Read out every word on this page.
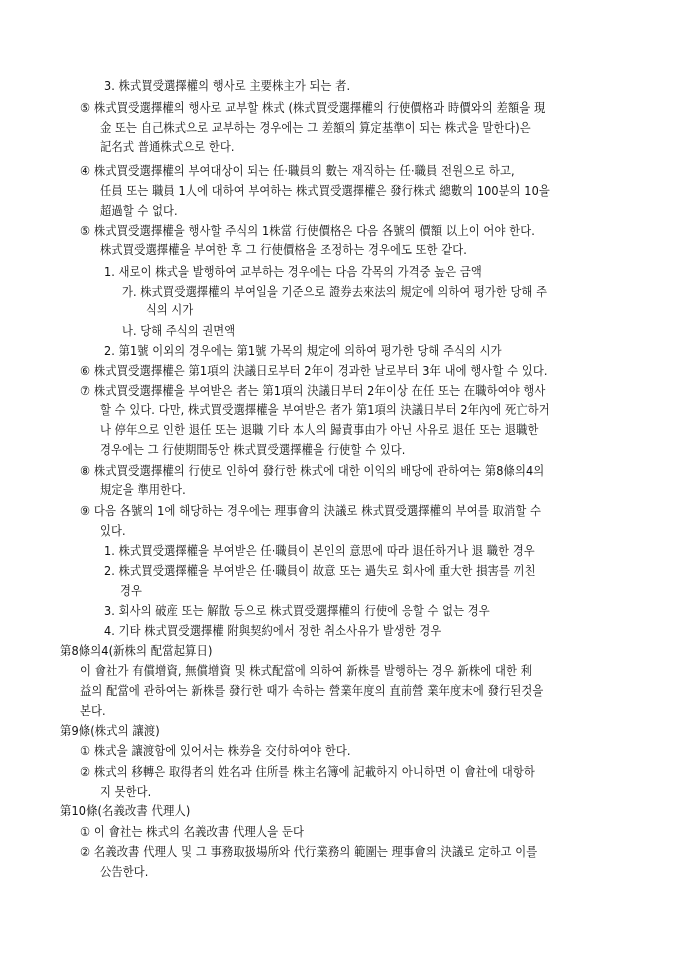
3. 株式買受選擇權의 행사로 主要株主가 되는 者.
⑤ 株式買受選擇權의 행사로 교부할 株式 (株式買受選擇權의 行使價格과 時價와의 差額을 現
金 또는 自己株式으로 교부하는 경우에는 그 差額의 算定基準이 되는 株式을 말한다)은
記名式 普通株式으로 한다.
④ 株式買受選擇權의 부여대상이 되는 任·職員의 數는 재직하는 任·職員 전원으로 하고,
任員 또는 職員 1人에 대하여 부여하는 株式買受選擇權은 發行株式 總數의 100분의 10을
超過할 수 없다.
⑤ 株式買受選擇權을 행사할 주식의 1株當 行使價格은 다음 各號의 價額 以上이 어야 한다.
株式買受選擇權을 부여한 후 그 行使價格을 조정하는 경우에도 또한 같다.
1. 새로이 株式을 발행하여 교부하는 경우에는 다음 각목의 가격중 높은 금액
가. 株式買受選擇權의 부여일을 기준으로 證券去來法의 規定에 의하여 평가한 당해 주
식의 시가
나. 당해 주식의 권면액
2. 第1號 이외의 경우에는 第1號 가목의 規定에 의하여 평가한 당해 주식의 시가
⑥ 株式買受選擇權은 第1項의 決議日로부터 2年이 경과한 날로부터 3年 내에 행사할 수 있다.
⑦ 株式買受選擇權을 부여받은 者는 第1項의 決議日부터 2年이상 在任 또는 在職하여야 행사
할 수 있다. 다만, 株式買受選擇權을 부여받은 者가 第1項의 決議日부터 2年內에 死亡하거
나 停年으로 인한 退任 또는 退職 기타 本人의 歸責事由가 아닌 사유로 退任 또는 退職한
경우에는 그 行使期間동안 株式買受選擇權을 行使할 수 있다.
⑧ 株式買受選擇權의 行使로 인하여 發行한 株式에 대한 이익의 배당에 관하여는 第8條의4의
規定을 準用한다.
⑨ 다음 各號의 1에 해당하는 경우에는 理事會의 決議로 株式買受選擇權의 부여를 取消할 수
있다.
1. 株式買受選擇權을 부여받은 任·職員이 본인의 意思에 따라 退任하거나 退 職한 경우
2. 株式買受選擇權을 부여받은 任·職員이 故意 또는 過失로 회사에 重大한 損害를 끼친
경우
3. 회사의 破産 또는 解散 등으로 株式買受選擇權의 行使에 응할 수 없는 경우
4. 기타 株式買受選擇權 附與契約에서 정한 취소사유가 발생한 경우
第8條의4(新株의 配當起算日)
이 會社가 有償增資, 無償增資 및 株式配當에 의하여 新株를 발행하는 경우 新株에 대한 利
益의 配當에 관하여는 新株를 發行한 때가 속하는 營業年度의 直前營 業年度末에 發行된것을
본다.
第9條(株式의 讓渡)
① 株式을 讓渡함에 있어서는 株券을 交付하여야 한다.
② 株式의 移轉은 取得者의 姓名과 住所를 株主名簿에 記載하지 아니하면 이 會社에 대항하
지 못한다.
第10條(名義改書 代理人)
① 이 會社는 株式의 名義改書 代理人을 둔다
② 名義改書 代理人 및 그 事務取扱場所와 代行業務의 範圍는 理事會의 決議로 定하고 이를
公告한다.
